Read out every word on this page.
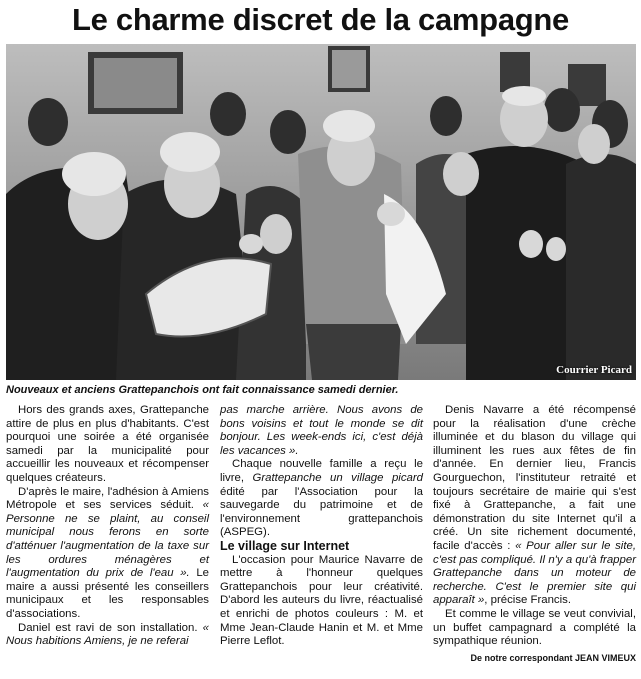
Le charme discret de la campagne
Courrier Picard
Nouveaux et anciens Grattepanchois ont fait connaissance samedi dernier.

Hors des grands axes, Grattepanche attire de plus en plus d'habitants. C'est pourquoi une soirée a été organisée samedi par la municipalité pour accueillir les nouveaux et récompenser quelques créateurs.

D'après le maire, l'adhésion à Amiens Métropole et ses services séduit. « Personne ne se plaint, au conseil municipal nous ferons en sorte d'atténuer l'augmentation de la taxe sur les ordures ménagères et l'augmentation du prix de l'eau ». Le maire a aussi présenté les conseillers municipaux et les responsables d'associations.

Daniel est ravi de son installation. « Nous habitions Amiens, je ne referai

pas marche arrière. Nous avons de bons voisins et tout le monde se dit bonjour. Les week-ends ici, c'est déjà les vacances ».

Chaque nouvelle famille a reçu le livre, Grattepanche un village picard édité par l'Association pour la sauvegarde du patrimoine et de l'environnement grattepanchois (ASPEG).

Le village sur Internet

L'occasion pour Maurice Navarre de mettre à l'honneur quelques Grattepanchois pour leur créativité. D'abord les auteurs du livre, réactualisé et enrichi de photos couleurs : M. et Mme Jean-Claude Hanin et M. et Mme Pierre Leflot.

Denis Navarre a été récompensé pour la réalisation d'une crèche illuminée et du blason du village qui illuminent les rues aux fêtes de fin d'année. En dernier lieu, Francis Gourguechon, l'instituteur retraité et toujours secrétaire de mairie qui s'est fixé à Grattepanche, a fait une démonstration du site Internet qu'il a créé. Un site richement documenté, facile d'accès : « Pour aller sur le site, c'est pas compliqué. Il n'y a qu'à frapper Grattepanche dans un moteur de recherche. C'est le premier site qui apparaît », précise Francis.

Et comme le village se veut convivial, un buffet campagnard a complété la sympathique réunion.

De notre correspondant JEAN VIMEUX
